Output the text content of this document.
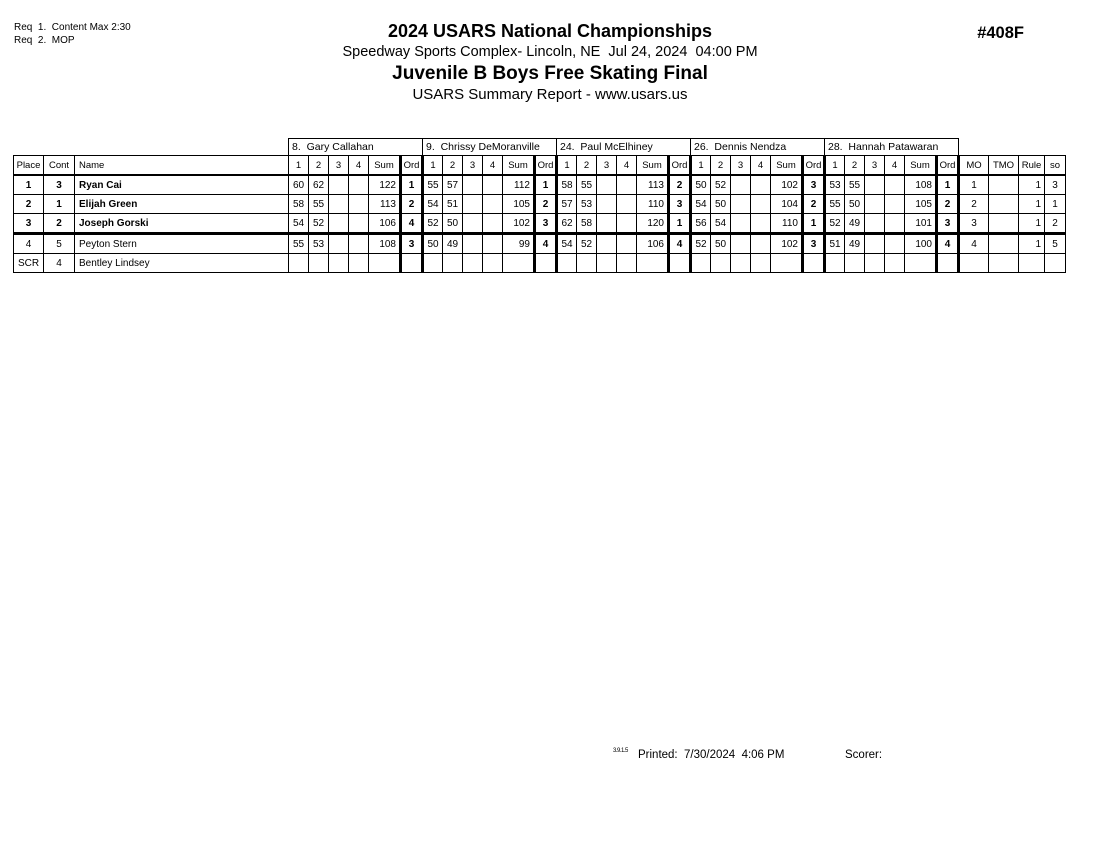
Req  1.  Content Max 2:30
Req  2.  MOP	2024 USARS National Championships
Speedway Sports Complex- Lincoln, NE  Jul 24, 2024  04:00 PM
Juvenile B Boys Free Skating Final
USARS Summary Report - www.usars.us
#408F
			8.  Gary Callahan						9.  Chrissy DeMoranville						24.  Paul McElhiney						26.  Dennis Nendza						28.  Hannah Patawaran									
Place	Cont	Name	1	2	3	4	Sum	Ord	1	2	3	4	Sum	Ord	1	2	3	4	Sum	Ord	1	2	3	4	Sum	Ord	1	2	3	4	Sum	Ord	MO	TMO	Rule	so
1	3	Ryan Cai	60	62			122	1	55	57			112	1	58	55			113	2	50	52			102	3	53	55			108	1	1		1	3
2	1	Elijah Green	58	55			113	2	54	51			105	2	57	53			110	3	54	50			104	2	55	50			105	2	2		1	1
3	2	Joseph Gorski	54	52			106	4	52	50			102	3	62	58			120	1	56	54			110	1	52	49			101	3	3		1	2
4	5	Peyton Stern	55	53			108	3	50	49			99	4	54	52			106	4	52	50			102	3	51	49			100	4	4		1	5
SCR	4	Bentley Lindsey																																		
3.9.1.5 Printed:  7/30/2024  4:06 PM	Scorer:
